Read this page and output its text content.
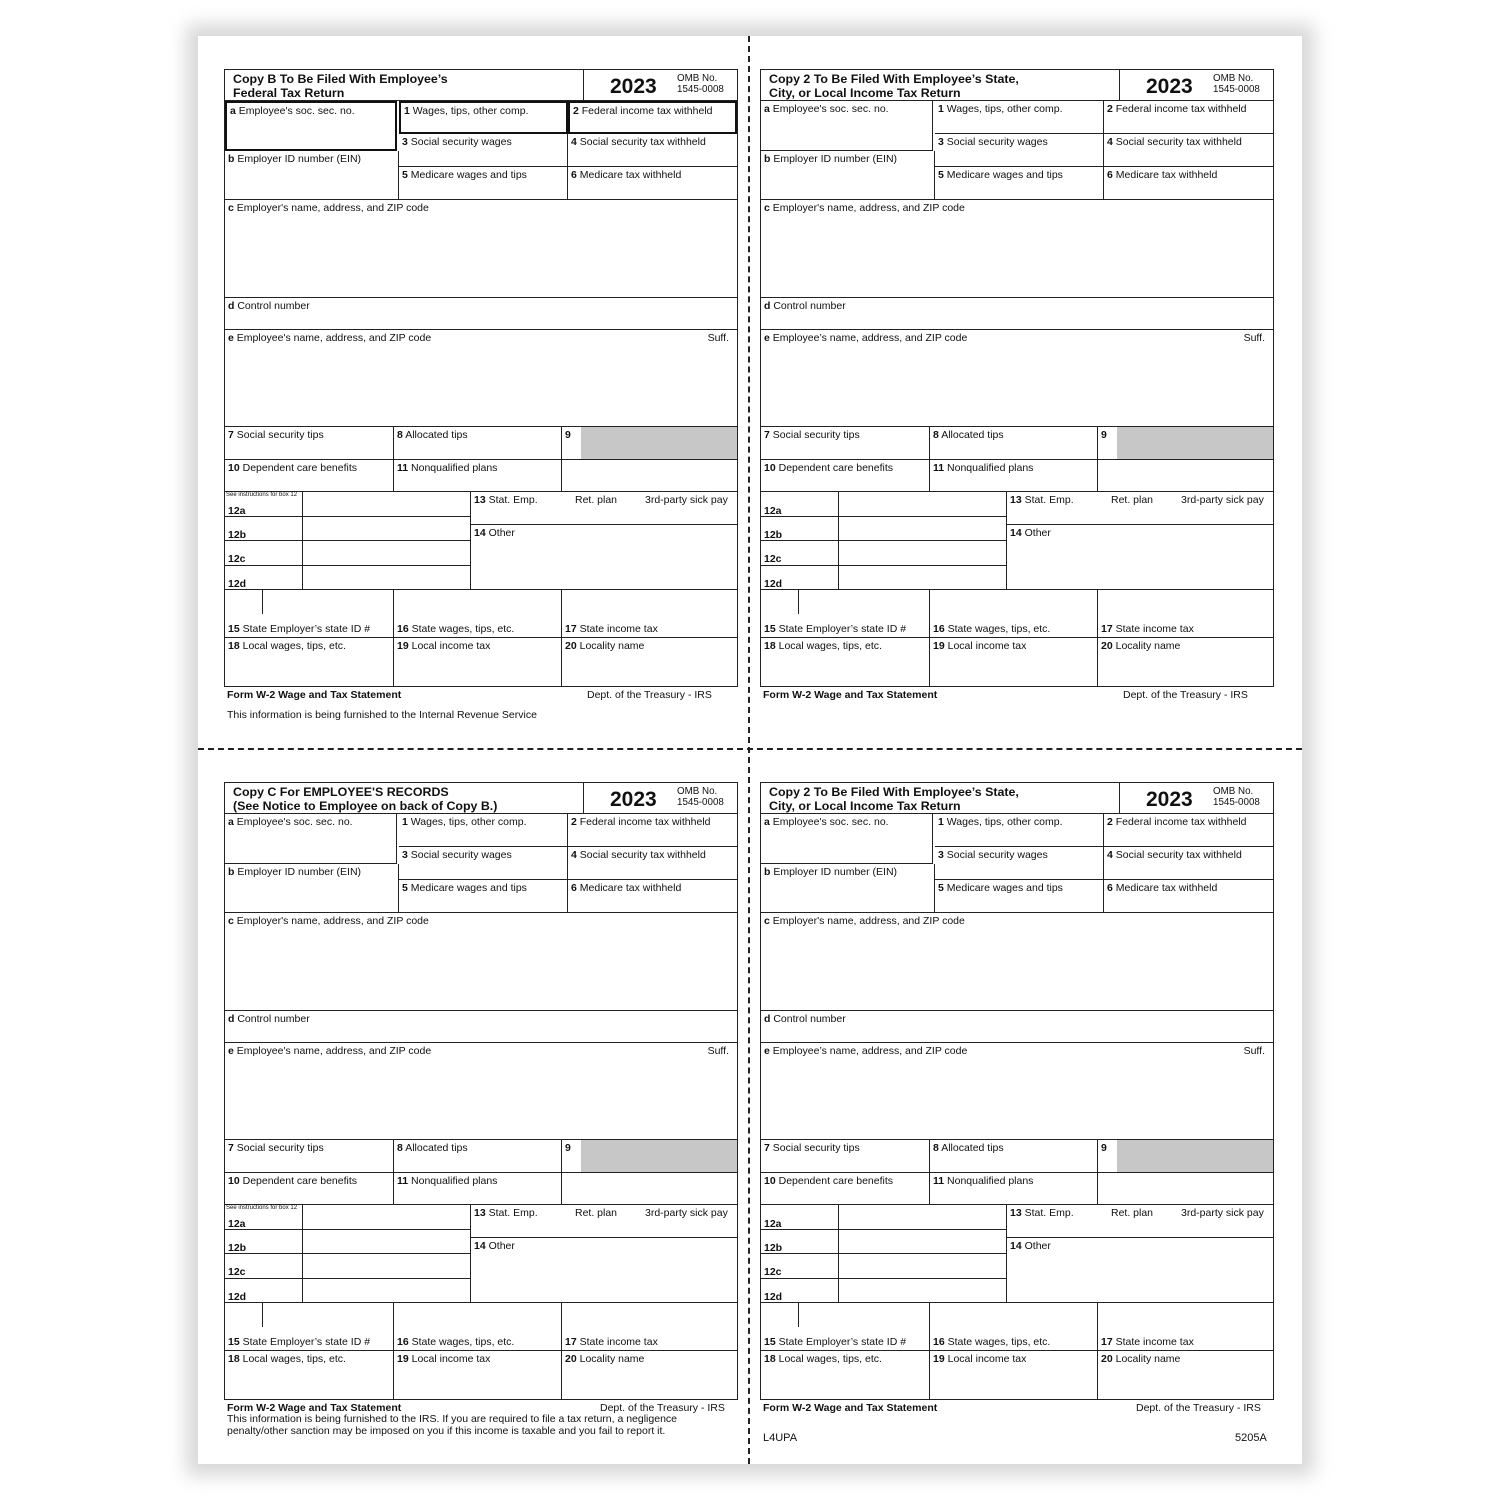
Copy B To Be Filed With Employee’s
Federal Tax Return	2023 OMB No.
1545-0008
a Employee's soc. sec. no.
b Employer ID number (EIN)
1 Wages, tips, other comp.	2 Federal income tax withheld
3 Social security wages	4 Social security tax withheld
5 Medicare wages and tips	6 Medicare tax withheld
c Employer's name, address, and ZIP code
d Control number
e Employee's name, address, and ZIP code	Suff.
7 Social security tips	8 Allocated tips	9
10 Dependent care benefits	11 Nonqualified plans
12a
See instructions for box 12
12b
12c
12d
13 Stat. Emp.	Ret. plan	3rd-party sick pay
14 Other
15 State Employer’s state ID #	16 State wages, tips, etc.	17 State income tax
18 Local wages, tips, etc.	19 Local income tax	20 Locality name
Form W-2 Wage and Tax Statement	Dept. of the Treasury - IRS
This information is being furnished to the Internal Revenue Service
Copy 2 To Be Filed With Employee’s State,
City, or Local Income Tax Return	2023 OMB No.
1545-0008
a Employee's soc. sec. no.
b Employer ID number (EIN)
1 Wages, tips, other comp.	2 Federal income tax withheld
3 Social security wages	4 Social security tax withheld
5 Medicare wages and tips	6 Medicare tax withheld
c Employer's name, address, and ZIP code
d Control number
e Employee’s name, address, and ZIP code	Suff.
7 Social security tips	8 Allocated tips	9
10 Dependent care benefits	11 Nonqualified plans
12a
12b
12c
12d
13 Stat. Emp.	Ret. plan	3rd-party sick pay
14 Other
15 State Employer’s state ID #	16 State wages, tips, etc.	17 State income tax
18 Local wages, tips, etc.	19 Local income tax	20 Locality name
Form W-2 Wage and Tax Statement	Dept. of the Treasury - IRS
Copy C For EMPLOYEE'S RECORDS
(See Notice to Employee on back of Copy B.)	2023 OMB No.
1545-0008
a Employee's soc. sec. no.
b Employer ID number (EIN)
1 Wages, tips, other comp.	2 Federal income tax withheld
3 Social security wages	4 Social security tax withheld
5 Medicare wages and tips	6 Medicare tax withheld
c Employer's name, address, and ZIP code
d Control number
e Employee's name, address, and ZIP code	Suff.
7 Social security tips	8 Allocated tips	9
10 Dependent care benefits	11 Nonqualified plans
12a
See instructions for box 12
12b
12c
12d
13 Stat. Emp.	Ret. plan	3rd-party sick pay
14 Other
15 State Employer’s state ID #	16 State wages, tips, etc.	17 State income tax
18 Local wages, tips, etc.	19 Local income tax	20 Locality name
Form W-2 Wage and Tax Statement	Dept. of the Treasury - IRS
This information is being furnished to the IRS. If you are required to file a tax return, a negligence
penalty/other sanction may be imposed on you if this income is taxable and you fail to report it.
Copy 2 To Be Filed With Employee’s State,
City, or Local Income Tax Return	2023 OMB No.
1545-0008
a Employee's soc. sec. no.
b Employer ID number (EIN)
1 Wages, tips, other comp.	2 Federal income tax withheld
3 Social security wages	4 Social security tax withheld
5 Medicare wages and tips	6 Medicare tax withheld
c Employer's name, address, and ZIP code
d Control number
e Employee’s name, address, and ZIP code	Suff.
7 Social security tips	8 Allocated tips	9
10 Dependent care benefits	11 Nonqualified plans
12a
12b
12c
12d
13 Stat. Emp.	Ret. plan	3rd-party sick pay
14 Other
15 State Employer’s state ID #	16 State wages, tips, etc.	17 State income tax
18 Local wages, tips, etc.	19 Local income tax	20 Locality name
Form W-2 Wage and Tax Statement	Dept. of the Treasury - IRS
L4UPA	5205A
